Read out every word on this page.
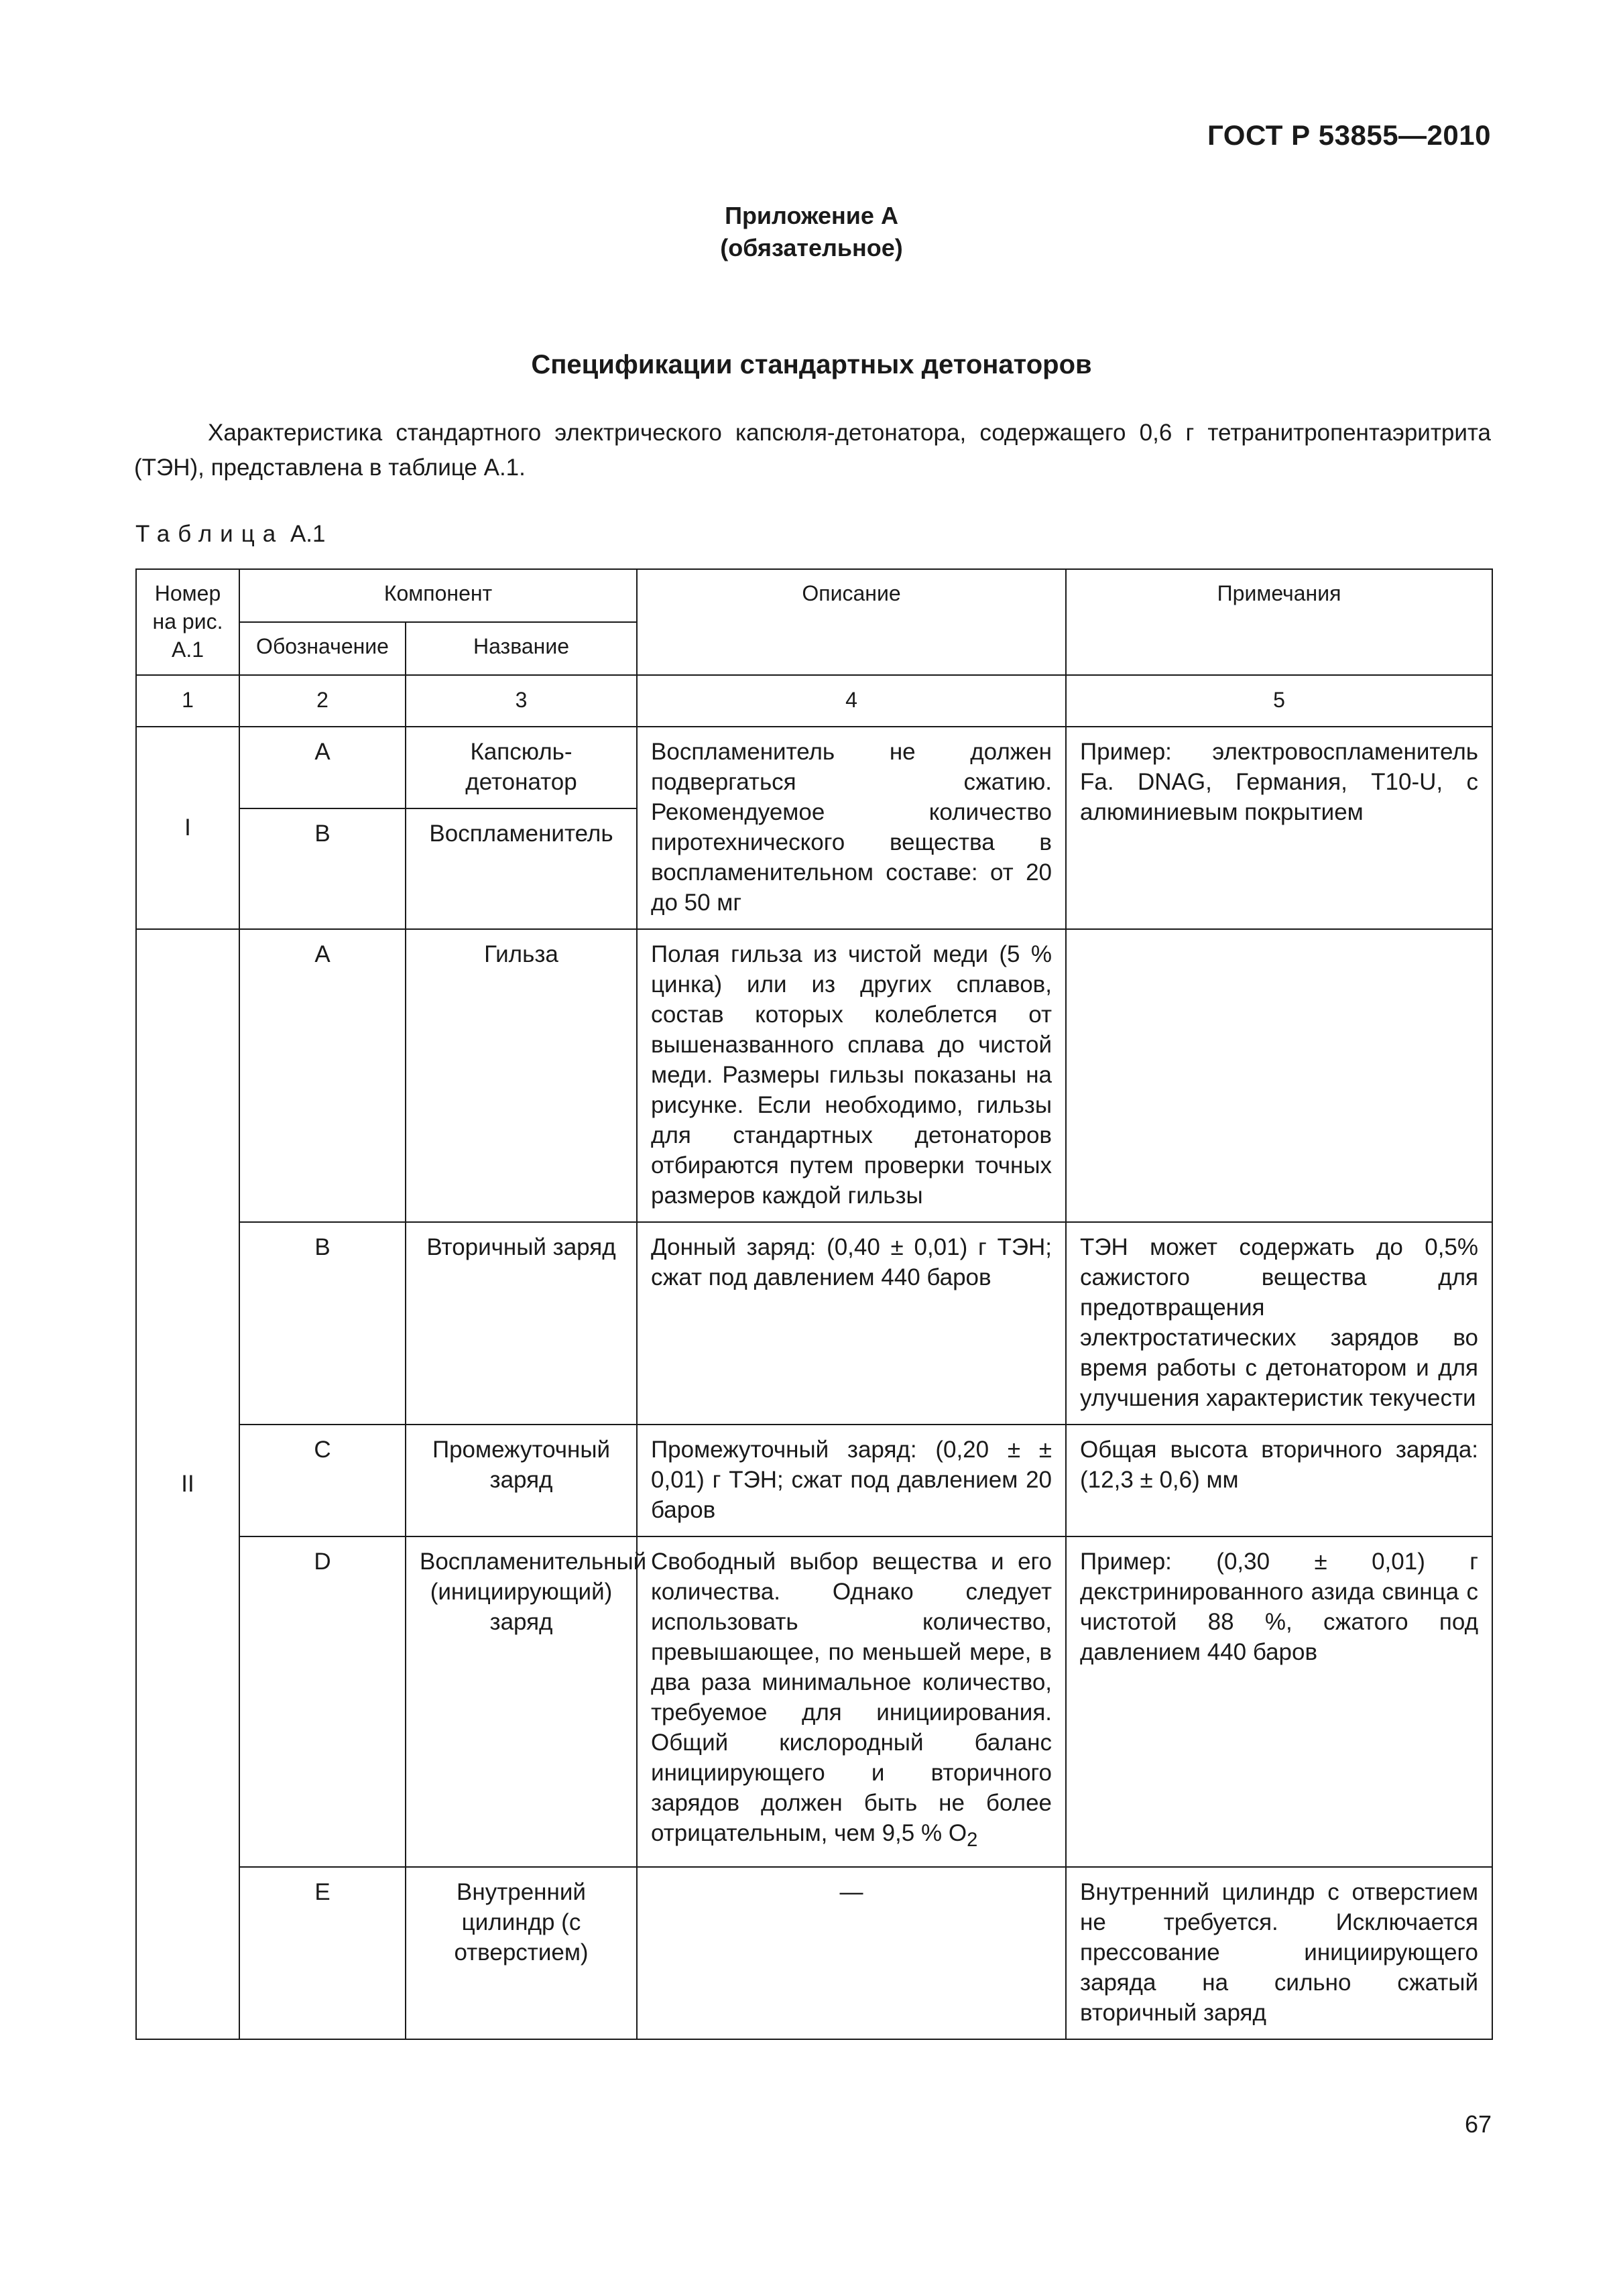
ГОСТ Р 53855—2010
Приложение А
(обязательное)
Спецификации стандартных детонаторов

Характеристика стандартного электрического капсюля-детонатора, содержащего 0,6 г тетранитропентаэритрита (ТЭН), представлена в таблице А.1.

Таблица А.1
Номер на рис. А.1	Компонент		Описание	Примечания
	Обозначение	Название		
1	2	3	4	5
I	A	Капсюль-детонатор	Воспламенитель не должен подвергаться сжатию. Рекомендуемое количество пиротехнического вещества в воспламенительном составе: от 20 до 50 мг	Пример: электровоспламенитель Fa. DNAG, Германия, T10-U, с алюминиевым покрытием
	B	Воспламенитель		
II	A	Гильза	Полая гильза из чистой меди (5 % цинка) или из других сплавов, состав которых колеблется от вышеназванного сплава до чистой меди. Размеры гильзы показаны на рисунке. Если необходимо, гильзы для стандартных детонаторов отбираются путем проверки точных размеров каждой гильзы	
	B	Вторичный заряд	Донный заряд: (0,40 ± 0,01) г ТЭН; сжат под давлением 440 баров	ТЭН может содержать до 0,5% сажистого вещества для предотвращения электростатических зарядов во время работы с детонатором и для улучшения характеристик текучести
	C	Промежуточный заряд	Промежуточный заряд: (0,20 ± ± 0,01) г ТЭН; сжат под давлением 20 баров	Общая высота вторичного заряда: (12,3 ± 0,6) мм
	D	Воспламенительный (инициирующий) заряд	Свободный выбор вещества и его количества. Однако следует использовать количество, превышающее, по меньшей мере, в два раза минимальное количество, требуемое для инициирования. Общий кислородный баланс инициирующего и вторичного зарядов должен быть не более отрицательным, чем 9,5 % $O_2$	Пример: (0,30 ± 0,01) г декстринированного азида свинца с чистотой 88 %, сжатого под давлением 440 баров
	E	Внутренний цилиндр (с отверстием)	—	Внутренний цилиндр с отверстием не требуется. Исключается прессование инициирующего заряда на сильно сжатый вторичный заряд
67
